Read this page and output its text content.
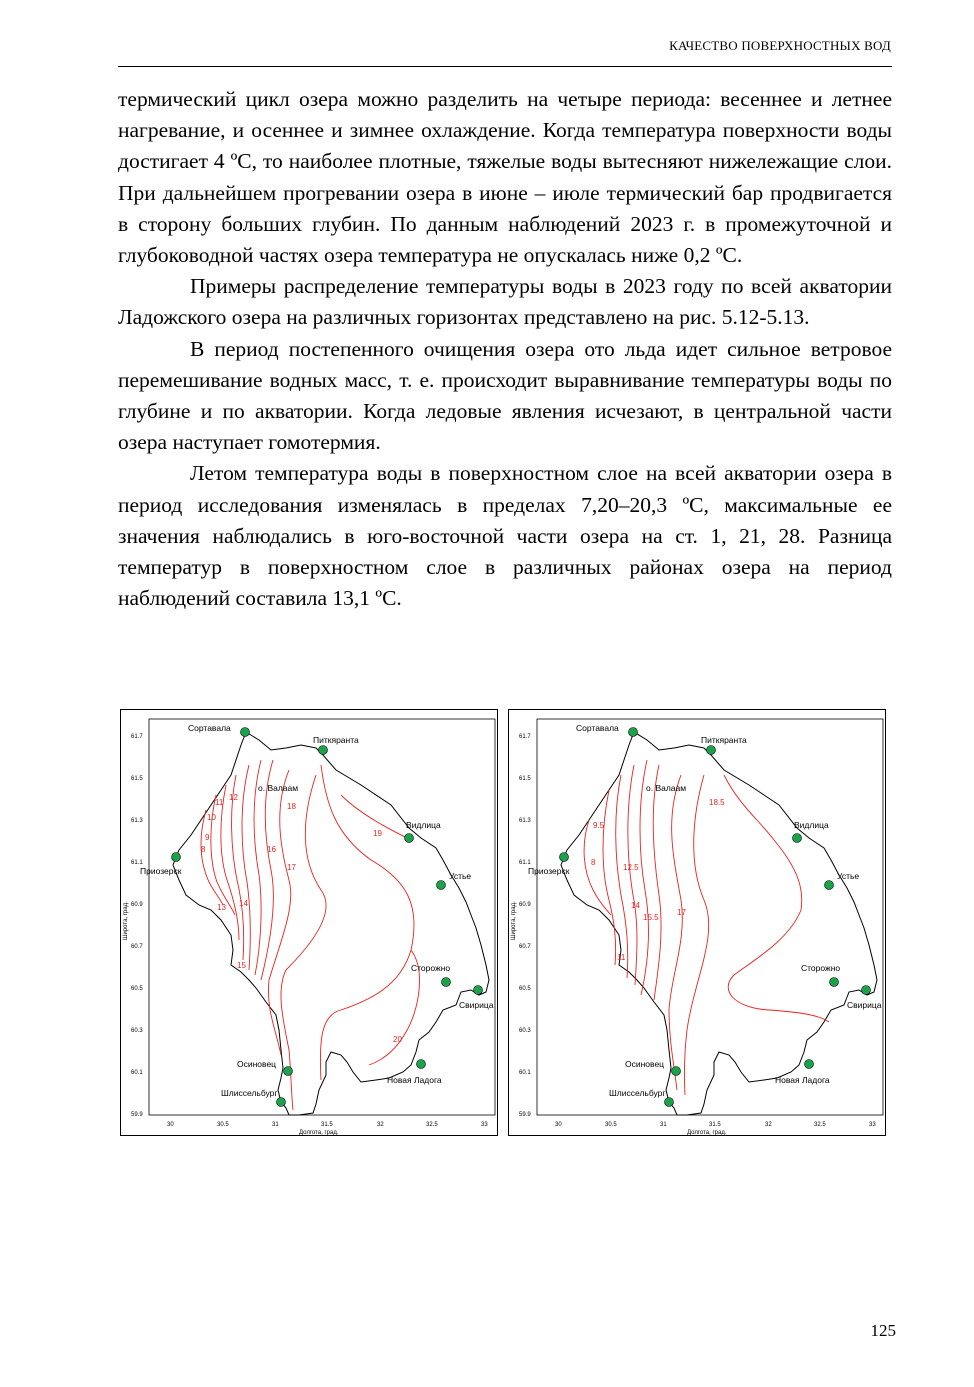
КАЧЕСТВО ПОВЕРХНОСТНЫХ ВОД

термический цикл озера можно разделить на четыре периода: весеннее и летнее нагревание, и осеннее и зимнее охлаждение. Когда температура поверхности воды достигает 4 ºС, то наиболее плотные, тяжелые воды вытесняют нижележащие слои. При дальнейшем прогревании озера в июне – июле термический бар продвигается в сторону больших глубин. По данным наблюдений 2023 г. в промежуточной и глубоководной частях озера температура не опускалась ниже 0,2 ºС.

Примеры распределение температуры воды в 2023 году по всей акватории Ладожского озера на различных горизонтах представлено на рис. 5.12-5.13.

В период постепенного очищения озера ото льда идет сильное ветровое перемешивание водных масс, т. е. происходит выравнивание температуры воды по глубине и по акватории. Когда ледовые явления исчезают, в центральной части озера наступает гомотермия.

Летом температура воды в поверхностном слое на всей акватории озера в период исследования изменялась в пределах 7,20–20,3 ºС, максимальные ее значения наблюдались в юго-восточной части озера на ст. 1, 21, 28. Разница температур в поверхностном слое в различных районах озера на период наблюдений составила 13,1 ºС.

8
9
10
11
12
13 14
15
16
17
18
19
20
Сортавала
Питкяранта
о. Валаам
Видлица
Приозерск	Устье
Сторожно
Свирица
Осиновец
Новая Ладога
Шлиссельбург
61.7
61.5
61.3
61.1
60.9
60.7
60.5
60.3
60.1
59.9
Широта, град.
30	30.5	31	31.5	32	32.5	33
Долгота, град.
8
9.5
11
12.5
14
15.5
17
18.5
Сортавала
Питкяранта
о. Валаам
Видлица
Приозерск	Устье
Сторожно
Свирица
Осиновец
Новая Ладога
Шлиссельбург
61.7
61.5
61.3
61.1
60.9
60.7
60.5
60.3
60.1
59.9
Широта, град.
30	30.5	31	31.5	32	32.5	33
Долгота, град.
125
